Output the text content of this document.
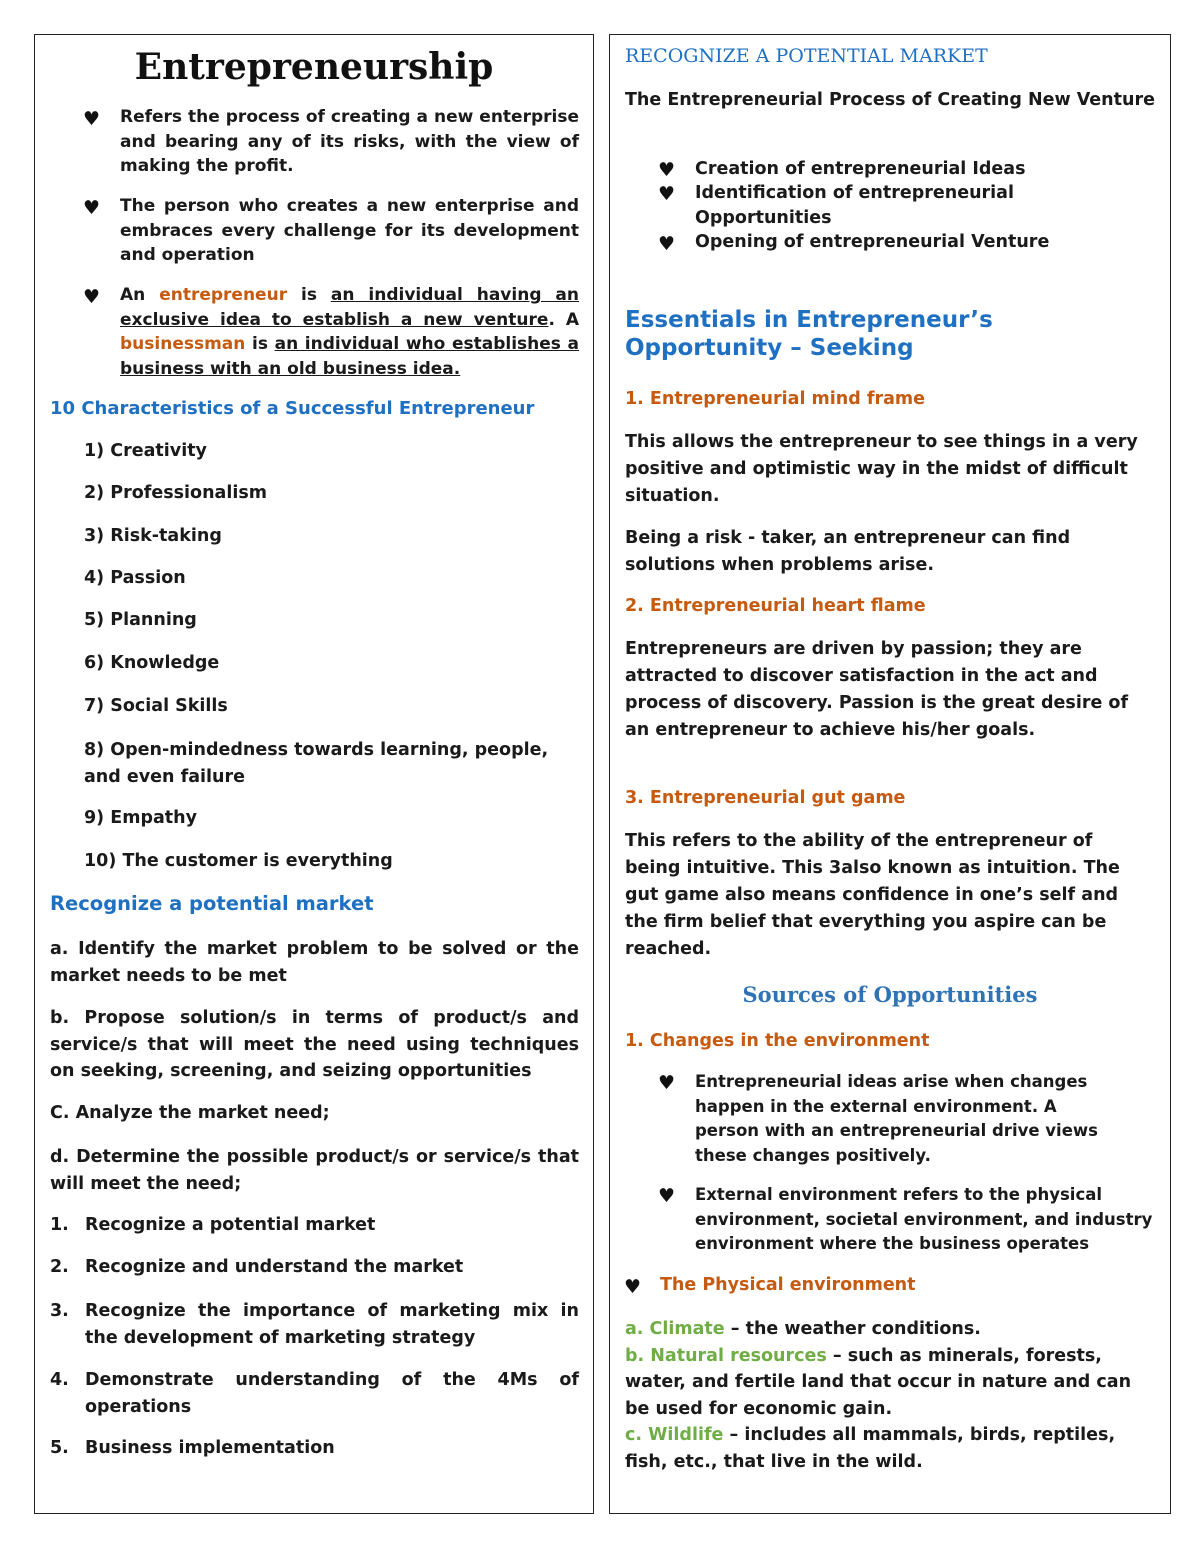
Entrepreneurship
♥ Refers the process of creating a new enterprise and bearing any of its risks, with the view of making the profit.
♥ The person who creates a new enterprise and embraces every challenge for its development and operation
♥ An entrepreneur is an individual having an exclusive idea to establish a new venture. A businessman is an individual who establishes a business with an old business idea.
10 Characteristics of a Successful Entrepreneur
1) Creativity
2) Professionalism
3) Risk-taking
4) Passion
5) Planning
6) Knowledge
7) Social Skills
8) Open-mindedness towards learning, people, and even failure
9) Empathy
10) The customer is everything
Recognize a potential market
a. Identify the market problem to be solved or the market needs to be met
b. Propose solution/s in terms of product/s and service/s that will meet the need using techniques on seeking, screening, and seizing opportunities
C. Analyze the market need;
d. Determine the possible product/s or service/s that will meet the need;
1. Recognize a potential market
2. Recognize and understand the market
3. Recognize the importance of marketing mix in the development of marketing strategy
4. Demonstrate understanding of the 4Ms of operations
5. Business implementation
RECOGNIZE A POTENTIAL MARKET
The Entrepreneurial Process of Creating New Venture
♥ Creation of entrepreneurial Ideas
♥ Identification of entrepreneurial Opportunities
♥ Opening of entrepreneurial Venture
Essentials in Entrepreneur’s Opportunity – Seeking
1. Entrepreneurial mind frame
This allows the entrepreneur to see things in a very positive and optimistic way in the midst of difficult situation.
Being a risk - taker, an entrepreneur can find solutions when problems arise.
2. Entrepreneurial heart flame
Entrepreneurs are driven by passion; they are attracted to discover satisfaction in the act and process of discovery. Passion is the great desire of an entrepreneur to achieve his/her goals.
3. Entrepreneurial gut game
This refers to the ability of the entrepreneur of being intuitive. This 3also known as intuition. The gut game also means confidence in one’s self and the firm belief that everything you aspire can be reached.
Sources of Opportunities
1. Changes in the environment
♥ Entrepreneurial ideas arise when changes happen in the external environment. A person with an entrepreneurial drive views these changes positively.
♥ External environment refers to the physical environment, societal environment, and industry environment where the business operates
♥ The Physical environment
a. Climate – the weather conditions.
b. Natural resources – such as minerals, forests, water, and fertile land that occur in nature and can be used for economic gain.
c. Wildlife – includes all mammals, birds, reptiles, fish, etc., that live in the wild.
